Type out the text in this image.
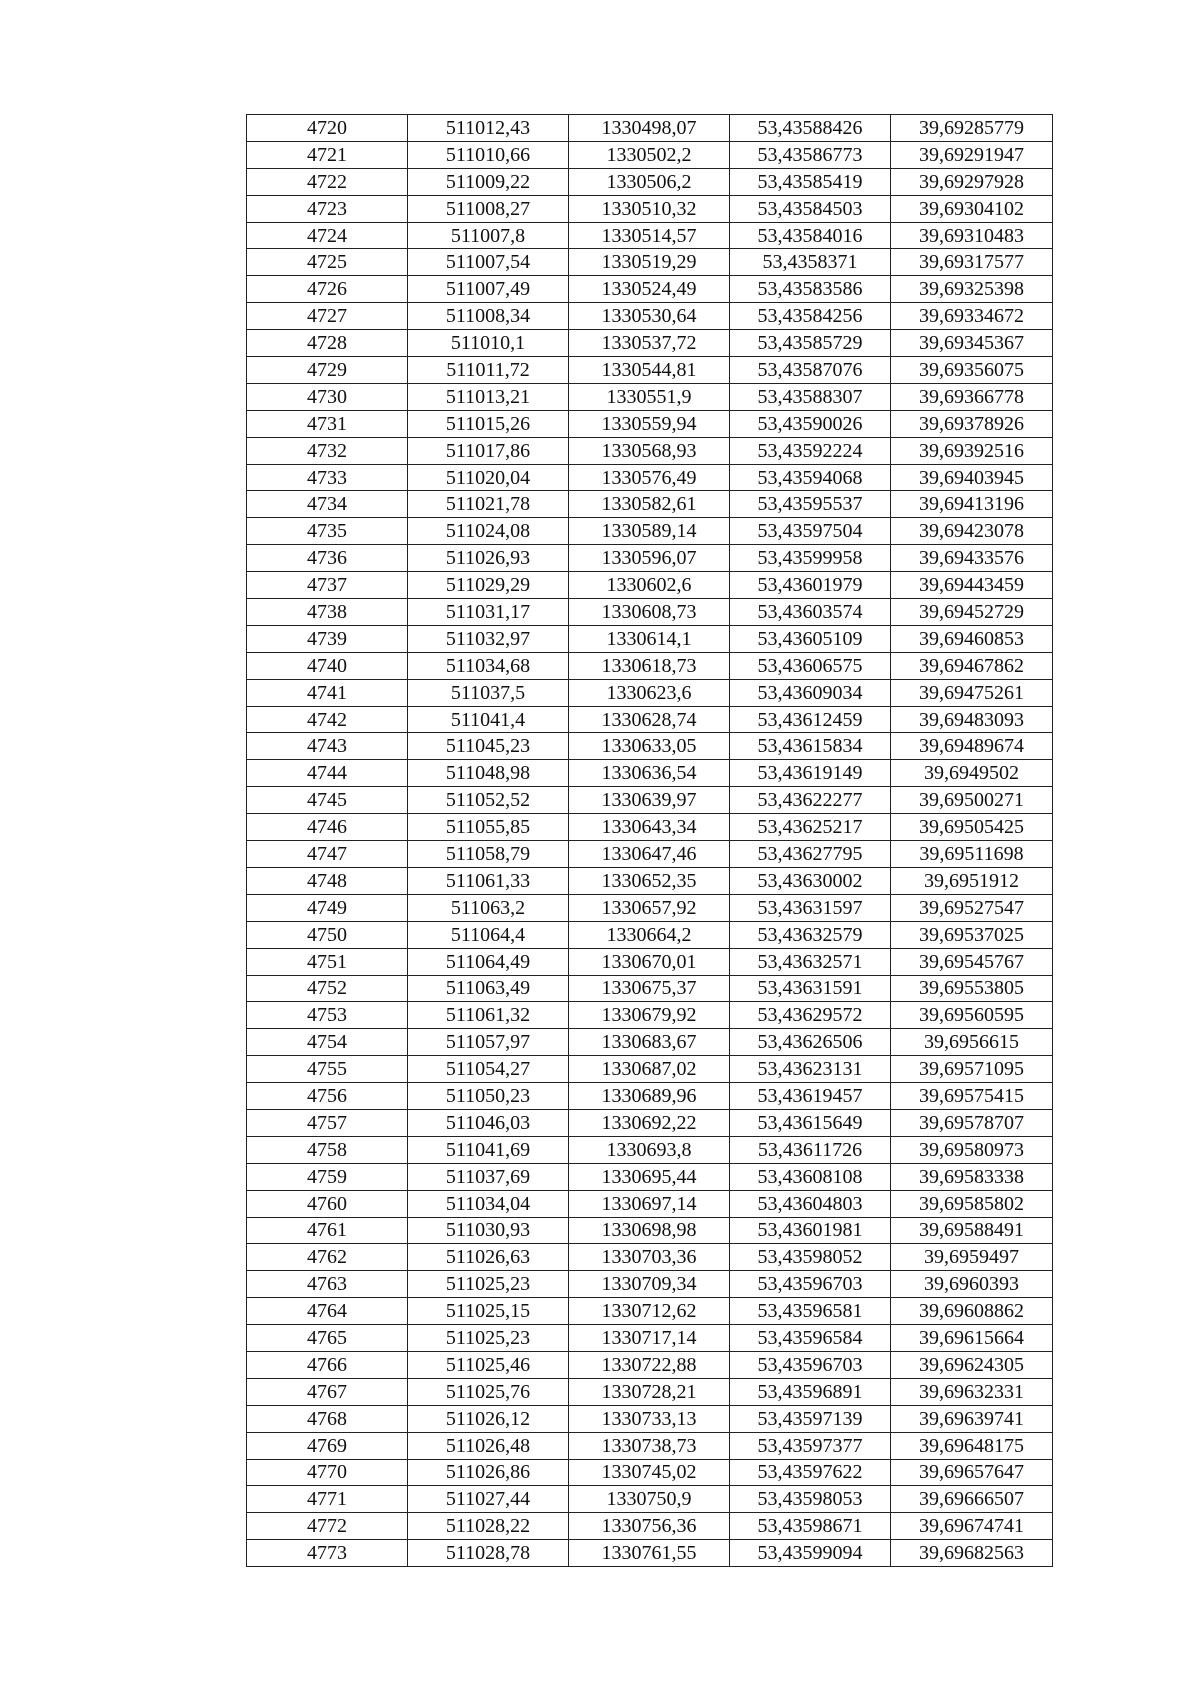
4720	511012,43	1330498,07	53,43588426	39,69285779
4721	511010,66	1330502,2	53,43586773	39,69291947
4722	511009,22	1330506,2	53,43585419	39,69297928
4723	511008,27	1330510,32	53,43584503	39,69304102
4724	511007,8	1330514,57	53,43584016	39,69310483
4725	511007,54	1330519,29	53,4358371	39,69317577
4726	511007,49	1330524,49	53,43583586	39,69325398
4727	511008,34	1330530,64	53,43584256	39,69334672
4728	511010,1	1330537,72	53,43585729	39,69345367
4729	511011,72	1330544,81	53,43587076	39,69356075
4730	511013,21	1330551,9	53,43588307	39,69366778
4731	511015,26	1330559,94	53,43590026	39,69378926
4732	511017,86	1330568,93	53,43592224	39,69392516
4733	511020,04	1330576,49	53,43594068	39,69403945
4734	511021,78	1330582,61	53,43595537	39,69413196
4735	511024,08	1330589,14	53,43597504	39,69423078
4736	511026,93	1330596,07	53,43599958	39,69433576
4737	511029,29	1330602,6	53,43601979	39,69443459
4738	511031,17	1330608,73	53,43603574	39,69452729
4739	511032,97	1330614,1	53,43605109	39,69460853
4740	511034,68	1330618,73	53,43606575	39,69467862
4741	511037,5	1330623,6	53,43609034	39,69475261
4742	511041,4	1330628,74	53,43612459	39,69483093
4743	511045,23	1330633,05	53,43615834	39,69489674
4744	511048,98	1330636,54	53,43619149	39,6949502
4745	511052,52	1330639,97	53,43622277	39,69500271
4746	511055,85	1330643,34	53,43625217	39,69505425
4747	511058,79	1330647,46	53,43627795	39,69511698
4748	511061,33	1330652,35	53,43630002	39,6951912
4749	511063,2	1330657,92	53,43631597	39,69527547
4750	511064,4	1330664,2	53,43632579	39,69537025
4751	511064,49	1330670,01	53,43632571	39,69545767
4752	511063,49	1330675,37	53,43631591	39,69553805
4753	511061,32	1330679,92	53,43629572	39,69560595
4754	511057,97	1330683,67	53,43626506	39,6956615
4755	511054,27	1330687,02	53,43623131	39,69571095
4756	511050,23	1330689,96	53,43619457	39,69575415
4757	511046,03	1330692,22	53,43615649	39,69578707
4758	511041,69	1330693,8	53,43611726	39,69580973
4759	511037,69	1330695,44	53,43608108	39,69583338
4760	511034,04	1330697,14	53,43604803	39,69585802
4761	511030,93	1330698,98	53,43601981	39,69588491
4762	511026,63	1330703,36	53,43598052	39,6959497
4763	511025,23	1330709,34	53,43596703	39,6960393
4764	511025,15	1330712,62	53,43596581	39,69608862
4765	511025,23	1330717,14	53,43596584	39,69615664
4766	511025,46	1330722,88	53,43596703	39,69624305
4767	511025,76	1330728,21	53,43596891	39,69632331
4768	511026,12	1330733,13	53,43597139	39,69639741
4769	511026,48	1330738,73	53,43597377	39,69648175
4770	511026,86	1330745,02	53,43597622	39,69657647
4771	511027,44	1330750,9	53,43598053	39,69666507
4772	511028,22	1330756,36	53,43598671	39,69674741
4773	511028,78	1330761,55	53,43599094	39,69682563
